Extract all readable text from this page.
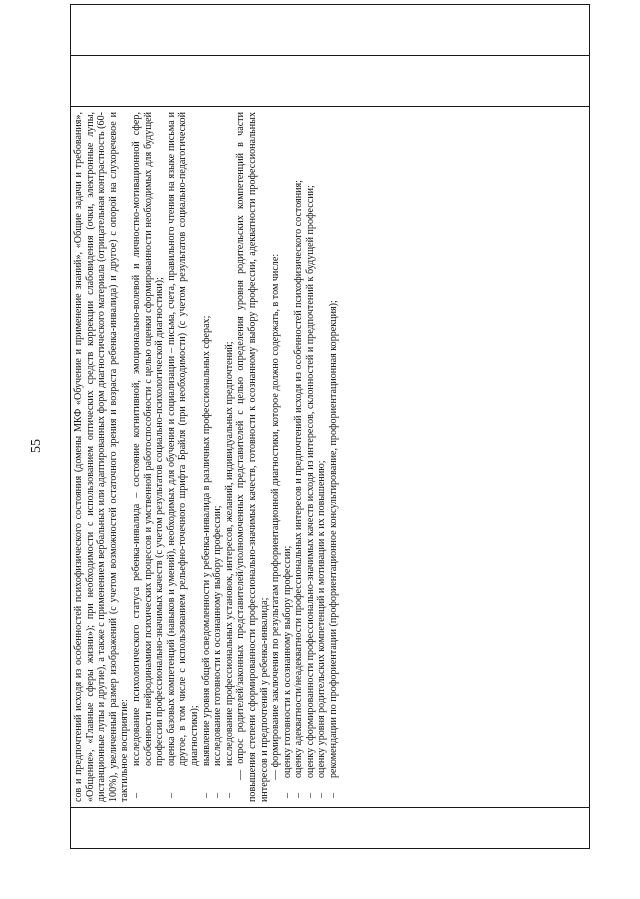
55
		сов и предпочтений исходя из особенностей психофизического состояния (домены МКФ «Обучение и применение знаний», «Общие задачи и требования», «Общение», «Главные сферы жизни»); при необходимости с использованием оптических средств коррекции слабовидения (очки, электронные лупы, дистанционные лупы и другие), а также с применением вербальных или адаптированных форм диагностического материала (отрицательная контрастность (60-100%), увеличенный размер изображений (с учетом возможностей остаточного зрения и возраста ребенка-инвалида) и другое) с опорой на слухоречевое и тактильное восприятие: – исследование психологического статуса ребенка-инвалида – состояние когнитивной, эмоционально-волевой и личностно-мотивационной сфер, особенности нейродинамики психических процессов и умственной работоспособности с целью оценки сформированности необходимых для будущей профессии профессионально-значимых качеств (с учетом результатов социально-психологической диагностики); – оценка базовых компетенций (навыков и умений), необходимых для обучения и социализации – письма, счета, правильного чтения на языке письма и другое, в том числе с использованием рельефно-точечного шрифта Брайля (при необходимости) (с учетом результатов социально-педагогической диагностики); – выявление уровня общей осведомленности у ребенка-инвалида в различных профессиональных сферах; – исследование готовности к осознанному выбору профессии; – исследование профессиональных установок, интересов, желаний, индивидуальных предпочтений; — опрос родителей/законных представителей/уполномоченных представителей с целью определения уровня родительских компетенций в части повышения степени сформированности профессионально-значимых качеств, готовности к осознанному выбору профессии, адекватности профессиональных интересов и предпочтений у ребенка-инвалида; — формирование заключения по результатам профориентационной диагностики, которое должно содержать, в том числе: – оценку готовности к осознанному выбору профессии; – оценку адекватности/неадекватности профессиональных интересов и предпочтений исходя из особенностей психофизического состояния; – оценку сформированности профессионально-значимых качеств исходя из интересов, склонностей и предпочтений к будущей профессии; – оценку уровня родительских компетенций и мотивации к их повышению; – рекомендации по профориентации (профориентационное консультирование, профориентационная коррекция);
